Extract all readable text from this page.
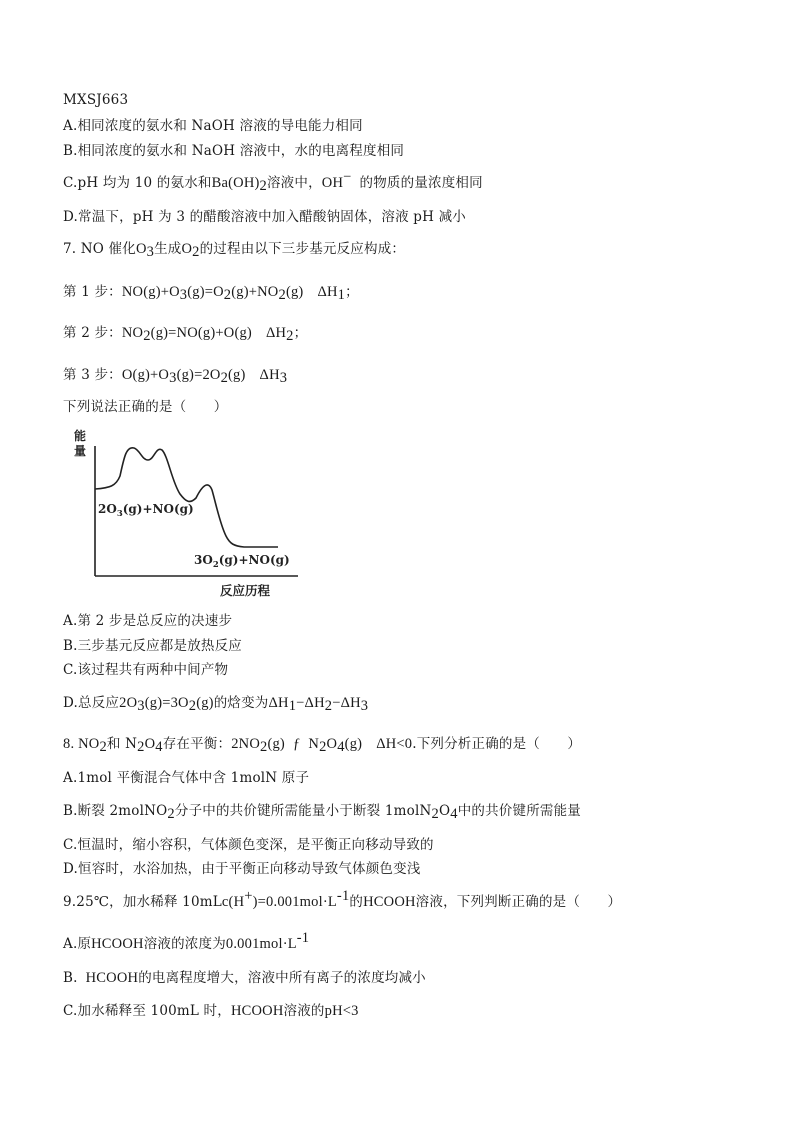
MXSJ663
A.相同浓度的氨水和 NaOH 溶液的导电能力相同
B.相同浓度的氨水和 NaOH 溶液中，水的电离程度相同
C.pH 均为 10 的氨水和$Ba(OH)_2$溶液中，OH− 的物质的量浓度相同
D.常温下，pH 为 3 的醋酸溶液中加入醋酸钠固体，溶液 pH 减小
7. NO 催化$O_3$生成$O_2$的过程由以下三步基元反应构成：
第 1 步：$NO(g)+O_3(g)=O_2(g)+NO_2(g)$ $\Delta H_1$；
第 2 步：$NO_2(g)=NO(g)+O(g)$ $\Delta H_2$；
第 3 步：$O(g)+O_3(g)=2O_2(g)$ $\Delta H_3$
下列说法正确的是（　　）
能
量
反应历程
$2O_3(g)+NO(g)$
$3O_2(g)+NO(g)$
A.第 2 步是总反应的决速步
B.三步基元反应都是放热反应
C.该过程共有两种中间产物
D.总反应$2O_3(g)=3O_2(g)$的焓变为$\Delta H_1-\Delta H_2-\Delta H_3$
8. $NO_2$和 $N_2O_4$存在平衡：$2NO_2(g)$ ƒ $N_2O_4(g)$ ΔH<0.下列分析正确的是（　　）
A.1mol 平衡混合气体中含 1molN 原子
B.断裂 2molNO$_2$分子中的共价键所需能量小于断裂 $1molN_2O_4$中的共价键所需能量
C.恒温时，缩小容积，气体颜色变深，是平衡正向移动导致的
D.恒容时，水浴加热，由于平衡正向移动导致气体颜色变浅
9.25℃，加水稀释 $10mLc(H^+)=0.001mol\cdot L^{-1}$的HCOOH溶液，下列判断正确的是（　　）
A.原HCOOH溶液的浓度为$0.001mol\cdot L^{-1}$
B. HCOOH的电离程度增大，溶液中所有离子的浓度均减小
C.加水稀释至 100mL 时，HCOOH溶液的pH<3
